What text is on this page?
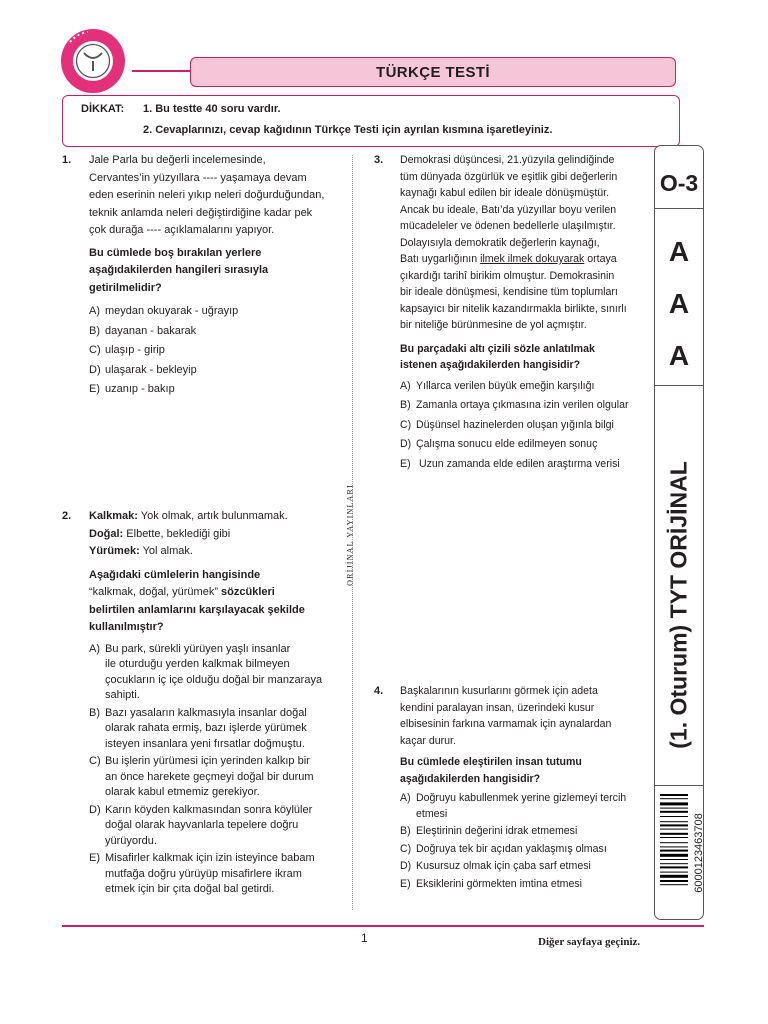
TÜRKÇE TESTİ
DİKKAT: 1. Bu testte 40 soru vardır.
2. Cevaplarınızı, cevap kağıdının Türkçe Testi için ayrılan kısmına işaretleyiniz.
1. Jale Parla bu değerli incelemesinde,
Cervantes’in yüzyıllara ---- yaşamaya devam
eden eserinin neleri yıkıp neleri doğurduğundan,
teknik anlamda neleri değiştirdiğine kadar pek
çok durağa ---- açıklamalarını yapıyor.
Bu cümlede boş bırakılan yerlere
aşağıdakilerden hangileri sırasıyla
getirilmelidir?
A) meydan okuyarak - uğrayıp
B) dayanan - bakarak
C) ulaşıp - girip
D) ulaşarak - bekleyip
E) uzanıp - bakıp
2. Kalkmak: Yok olmak, artık bulunmamak.
Doğal: Elbette, beklediği gibi
Yürümek: Yol almak.
Aşağıdaki cümlelerin hangisinde
“kalkmak, doğal, yürümek” sözcükleri
belirtilen anlamlarını karşılayacak şekilde
kullanılmıştır?
A) Bu park, sürekli yürüyen yaşlı insanlar
ile oturduğu yerden kalkmak bilmeyen
çocukların iç içe olduğu doğal bir manzaraya
sahipti.
B) Bazı yasaların kalkmasıyla insanlar doğal
olarak rahata ermiş, bazı işlerde yürümek
isteyen insanlara yeni fırsatlar doğmuştu.
C) Bu işlerin yürümesi için yerinden kalkıp bir
an önce harekete geçmeyi doğal bir durum
olarak kabul etmemiz gerekiyor.
D) Karın köyden kalkmasından sonra köylüler
doğal olarak hayvanlarla tepelere doğru
yürüyordu.
E) Misafirler kalkmak için izin isteyince babam
mutfağa doğru yürüyüp misafirlere ikram
etmek için bir çıta doğal bal getirdi.
3. Demokrasi düşüncesi, 21.yüzyıla gelindiğinde
tüm dünyada özgürlük ve eşitlik gibi değerlerin
kaynağı kabul edilen bir ideale dönüşmüştür.
Ancak bu ideale, Batı’da yüzyıllar boyu verilen
mücadeleler ve ödenen bedellerle ulaşılmıştır.
Dolayısıyla demokratik değerlerin kaynağı,
Batı uygarlığının ilmek ilmek dokuyarak ortaya
çıkardığı tarihî birikim olmuştur. Demokrasinin
bir ideale dönüşmesi, kendisine tüm toplumları
kapsayıcı bir nitelik kazandırmakla birlikte, sınırlı
bir niteliğe bürünmesine de yol açmıştır.
Bu parçadaki altı çizili sözle anlatılmak
istenen aşağıdakilerden hangisidir?
A) Yıllarca verilen büyük emeğin karşılığı
B) Zamanla ortaya çıkmasına izin verilen olgular
C) Düşünsel hazinelerden oluşan yığınla bilgi
D) Çalışma sonucu elde edilmeyen sonuç
E) Uzun zamanda elde edilen araştırma verisi
4. Başkalarının kusurlarını görmek için adeta
kendini paralayan insan, üzerindeki kusur
elbisesinin farkına varmamak için aynalardan
kaçar durur.
Bu cümlede eleştirilen insan tutumu
aşağıdakilerden hangisidir?
A) Doğruyu kabullenmek yerine gizlemeyi tercih
etmesi
B) Eleştirinin değerini idrak etmemesi
C) Doğruya tek bir açıdan yaklaşmış olması
D) Kusursuz olmak için çaba sarf etmesi
E) Eksiklerini görmekten imtina etmesi
ORİJİNAL YAYINLARI
O-3
A
A
A
(1. Oturum) TYT ORİJİNAL
6000123463708
1	Diğer sayfaya geçiniz.
